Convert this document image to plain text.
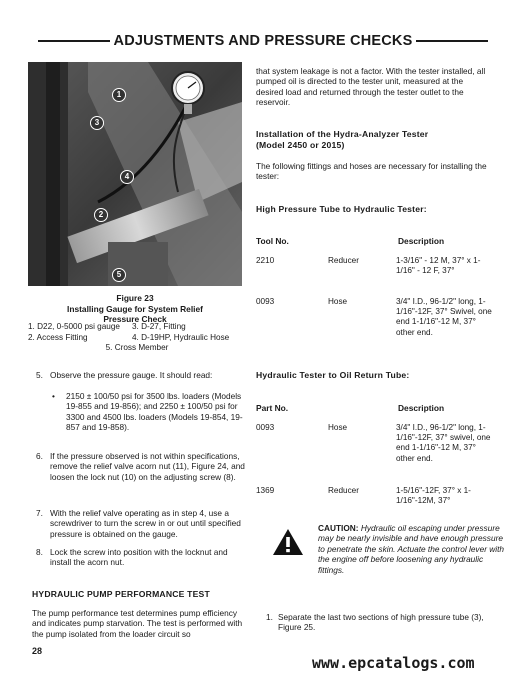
ADJUSTMENTS AND PRESSURE CHECKS
1
2
3
4
5
Figure 23
Installing Gauge for System Relief
Pressure Check
1. D22, 0-5000 psi gauge	3. D-27, Fitting
2. Access Fitting	4. D-19HP, Hydraulic Hose
5. Cross Member
5. Observe the pressure gauge. It should read:
• 2150 ± 100/50 psi for 3500 lbs. loaders (Models 19-855 and 19-856); and 2250 ± 100/50 psi for 3300 and 4500 lbs. loaders (Models 19-854, 19-857 and 19-858).
6. If the pressure observed is not within specifications, remove the relief valve acorn nut (11), Figure 24, and loosen the lock nut (10) on the adjusting screw (8).
7. With the relief valve operating as in step 4, use a screwdriver to turn the screw in or out until specified pressure is obtained on the gauge.
8. Lock the screw into position with the locknut and install the acorn nut.
HYDRAULIC PUMP PERFORMANCE TEST
The pump performance test determines pump efficiency and indicates pump starvation. The test is performed with the pump isolated from the loader circuit so
that system leakage is not a factor. With the tester installed, all pumped oil is directed to the tester unit, measured at the desired load and returned through the tester outlet to the reservoir.
Installation of the Hydra-Analyzer Tester
(Model 2450 or 2015)
The following fittings and hoses are necessary for installing the tester:
High Pressure Tube to Hydraulic Tester:
Tool No.	Description
2210	Reducer	1-3/16" - 12 M, 37° x 1-1/16" - 12 F, 37°
0093	Hose	3/4" I.D., 96-1/2" long, 1-1/16"-12F, 37° Swivel, one end 1-1/16"-12 M, 37° other end.
Hydraulic Tester to Oil Return Tube:
Part No.	Description
0093	Hose	3/4" I.D., 96-1/2" long, 1-1/16"-12F, 37° swivel, one end 1-1/16"-12 M, 37° other end.
1369	Reducer	1-5/16"-12F, 37° x 1-1/16"-12M, 37°
CAUTION: Hydraulic oil escaping under pressure may be nearly invisible and have enough pressure to penetrate the skin. Actuate the control lever with the engine off before loosening any hydraulic fittings.
1. Separate the last two sections of high pressure tube (3), Figure 25.
28
www.epcatalogs.com
